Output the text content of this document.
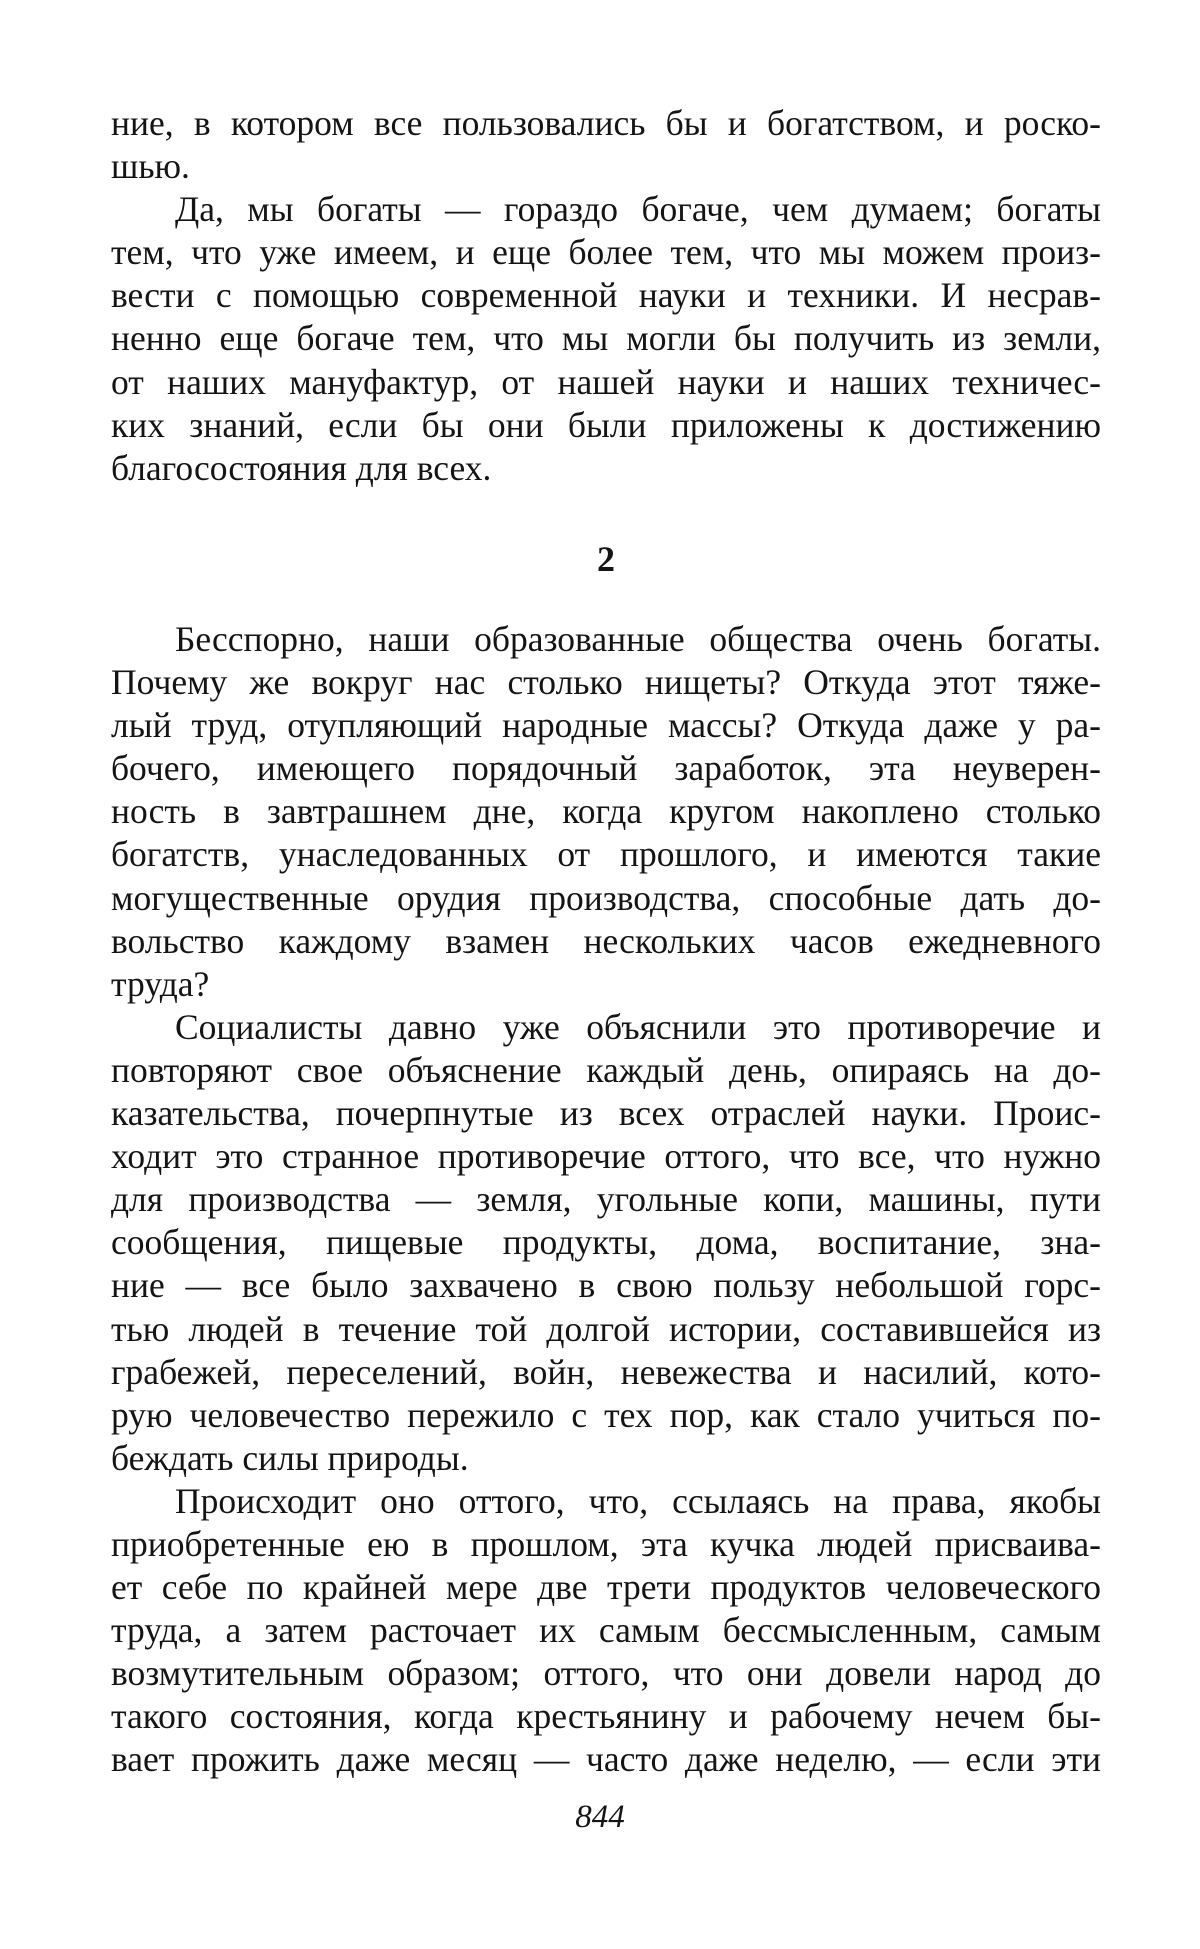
ние, в котором все пользовались бы и богатством, и роско-
шью.
Да, мы богаты — гораздо богаче, чем думаем; богаты
тем, что уже имеем, и еще более тем, что мы можем произ-
вести с помощью современной науки и техники. И несрав-
ненно еще богаче тем, что мы могли бы получить из земли,
от наших мануфактур, от нашей науки и наших техничес-
ких знаний, если бы они были приложены к достижению
благосостояния для всех.
2
Бесспорно, наши образованные общества очень богаты.
Почему же вокруг нас столько нищеты? Откуда этот тяже-
лый труд, отупляющий народные массы? Откуда даже у ра-
бочего, имеющего порядочный заработок, эта неуверен-
ность в завтрашнем дне, когда кругом накоплено столько
богатств, унаследованных от прошлого, и имеются такие
могущественные орудия производства, способные дать до-
вольство каждому взамен нескольких часов ежедневного
труда?
Социалисты давно уже объяснили это противоречие и
повторяют свое объяснение каждый день, опираясь на до-
казательства, почерпнутые из всех отраслей науки. Проис-
ходит это странное противоречие оттого, что все, что нужно
для производства — земля, угольные копи, машины, пути
сообщения, пищевые продукты, дома, воспитание, зна-
ние — все было захвачено в свою пользу небольшой горс-
тью людей в течение той долгой истории, составившейся из
грабежей, переселений, войн, невежества и насилий, кото-
рую человечество пережило с тех пор, как стало учиться по-
беждать силы природы.
Происходит оно оттого, что, ссылаясь на права, якобы
приобретенные ею в прошлом, эта кучка людей присваива-
ет себе по крайней мере две трети продуктов человеческого
труда, а затем расточает их самым бессмысленным, самым
возмутительным образом; оттого, что они довели народ до
такого состояния, когда крестьянину и рабочему нечем бы-
вает прожить даже месяц — часто даже неделю, — если эти
844
